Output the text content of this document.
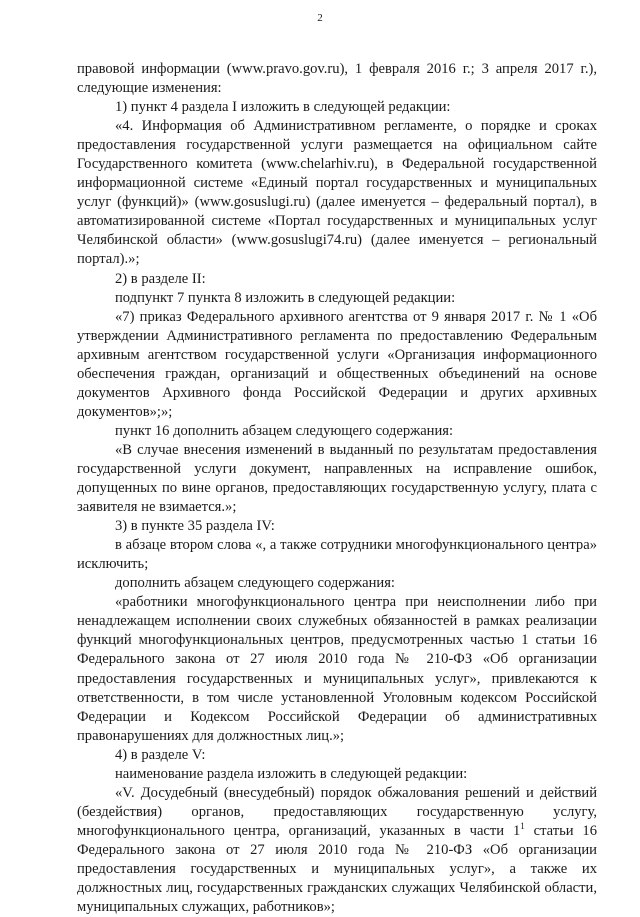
2

правовой информации (www.pravo.gov.ru), 1 февраля 2016 г.; 3 апреля 2017 г.), следующие изменения:

1) пункт 4 раздела I изложить в следующей редакции:

«4. Информация об Административном регламенте, о порядке и сроках предоставления государственной услуги размещается на официальном сайте Государственного комитета (www.chelarhiv.ru), в Федеральной государственной информационной системе «Единый портал государственных и муниципальных услуг (функций)» (www.gosuslugi.ru) (далее именуется – федеральный портал), в автоматизированной системе «Портал государственных и муниципальных услуг Челябинской области» (www.gosuslugi74.ru) (далее именуется – региональный портал).»;

2) в разделе II:

подпункт 7 пункта 8 изложить в следующей редакции:

«7) приказ Федерального архивного агентства от 9 января 2017 г. № 1 «Об утверждении Административного регламента по предоставлению Федеральным архивным агентством государственной услуги «Организация информационного обеспечения граждан, организаций и общественных объединений на основе документов Архивного фонда Российской Федерации и других архивных документов»;»;

пункт 16 дополнить абзацем следующего содержания:

«В случае внесения изменений в выданный по результатам предоставления государственной услуги документ, направленных на исправление ошибок, допущенных по вине органов, предоставляющих государственную услугу, плата с заявителя не взимается.»;

3) в пункте 35 раздела IV:

в абзаце втором слова «, а также сотрудники многофункционального центра» исключить;

дополнить абзацем следующего содержания:

«работники многофункционального центра при неисполнении либо при ненадлежащем исполнении своих служебных обязанностей в рамках реализации функций многофункциональных центров, предусмотренных частью 1 статьи 16 Федерального закона от 27 июля 2010 года № 210-ФЗ «Об организации предоставления государственных и муниципальных услуг», привлекаются к ответственности, в том числе установленной Уголовным кодексом Российской Федерации и Кодексом Российской Федерации об административных правонарушениях для должностных лиц.»;

4) в разделе V:

наименование раздела изложить в следующей редакции:

«V. Досудебный (внесудебный) порядок обжалования решений и действий (бездействия) органов, предоставляющих государственную услугу, многофункционального центра, организаций, указанных в части $1^1$ статьи 16 Федерального закона от 27 июля 2010 года № 210-ФЗ «Об организации предоставления государственных и муниципальных услуг», а также их должностных лиц, государственных гражданских служащих Челябинской области, муниципальных служащих, работников»;
